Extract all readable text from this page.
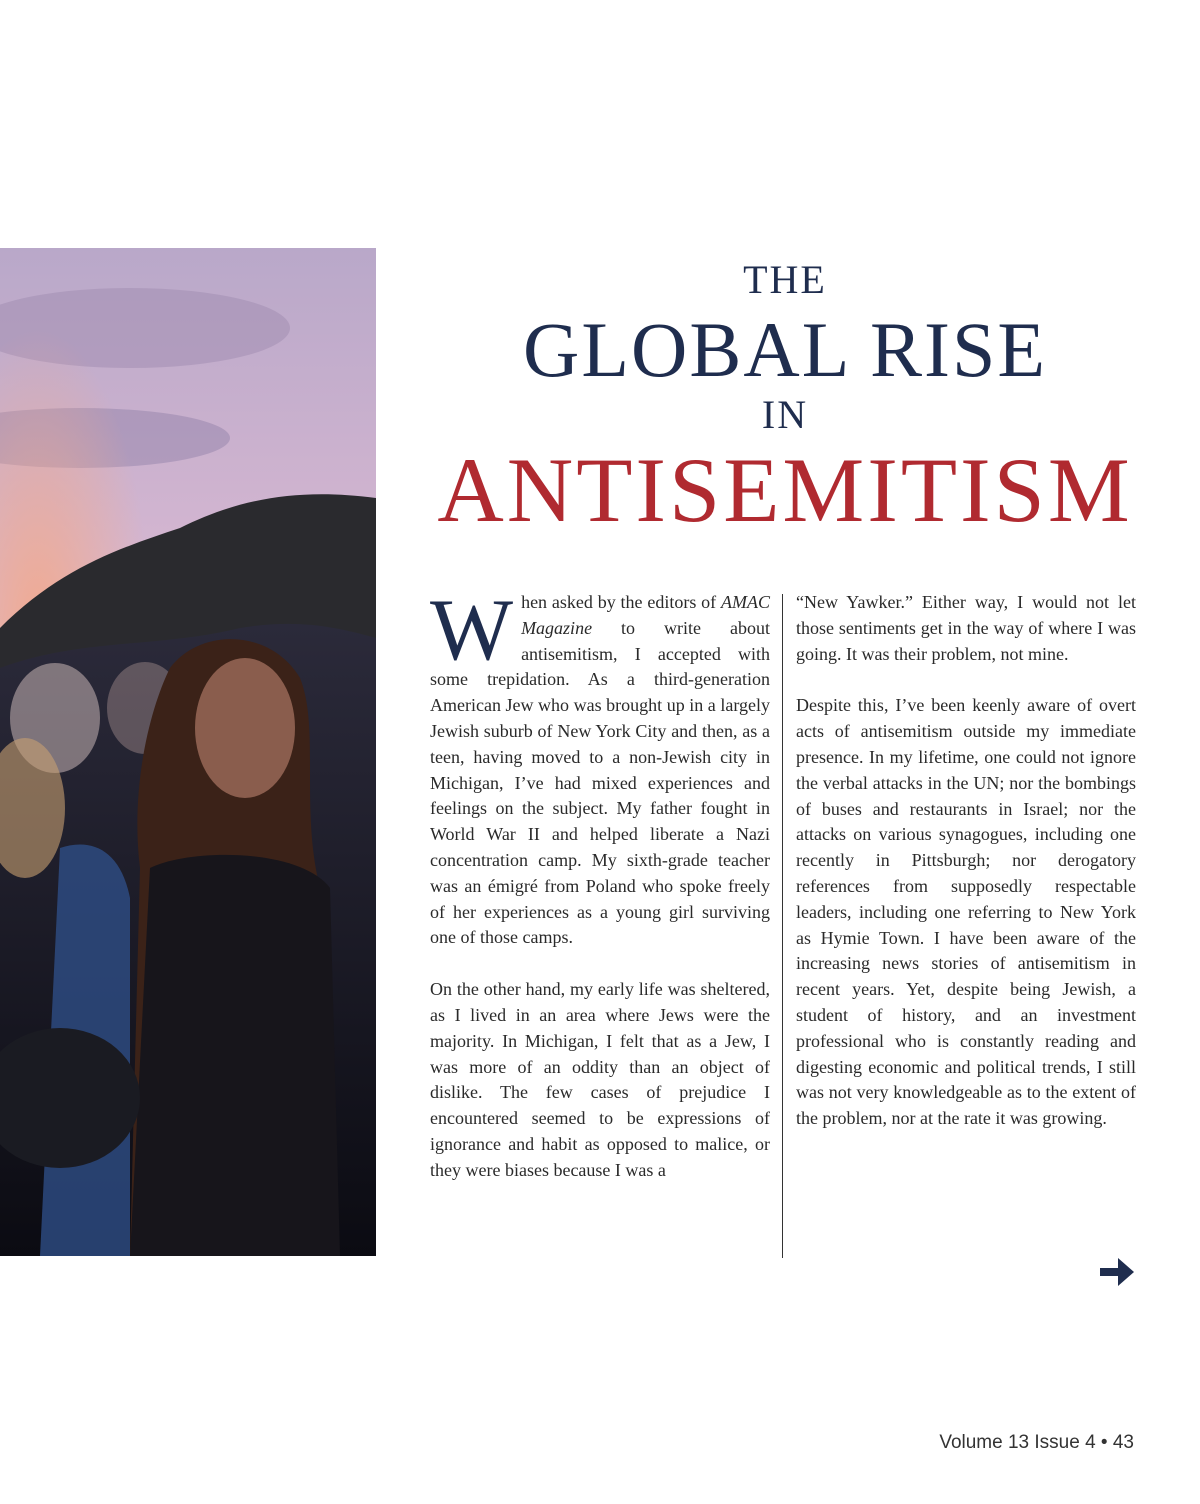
THE
GLOBAL RISE
IN
ANTISEMITISM

When asked by the editors of AMAC Magazine to write about antisemitism, I accepted with some trepidation. As a third-generation American Jew who was brought up in a largely Jewish suburb of New York City and then, as a teen, having moved to a non-Jewish city in Michigan, I’ve had mixed experiences and feelings on the subject. My father fought in World War II and helped liberate a Nazi concentration camp. My sixth-grade teacher was an émigré from Poland who spoke freely of her experiences as a young girl surviving one of those camps.

On the other hand, my early life was sheltered, as I lived in an area where Jews were the majority. In Michigan, I felt that as a Jew, I was more of an oddity than an object of dislike. The few cases of prejudice I encountered seemed to be expressions of ignorance and habit as opposed to malice, or they were biases because I was a

“New Yawker.” Either way, I would not let those sentiments get in the way of where I was going. It was their problem, not mine.

Despite this, I’ve been keenly aware of overt acts of antisemitism outside my immediate presence. In my lifetime, one could not ignore the verbal attacks in the UN; nor the bombings of buses and restaurants in Israel; nor the attacks on various synagogues, including one recently in Pittsburgh; nor derogatory references from supposedly respectable leaders, including one referring to New York as Hymie Town. I have been aware of the increasing news stories of antisemitism in recent years. Yet, despite being Jewish, a student of history, and an investment professional who is constantly reading and digesting economic and political trends, I still was not very knowledgeable as to the extent of the problem, nor at the rate it was growing.

Volume 13 Issue 4 • 43
